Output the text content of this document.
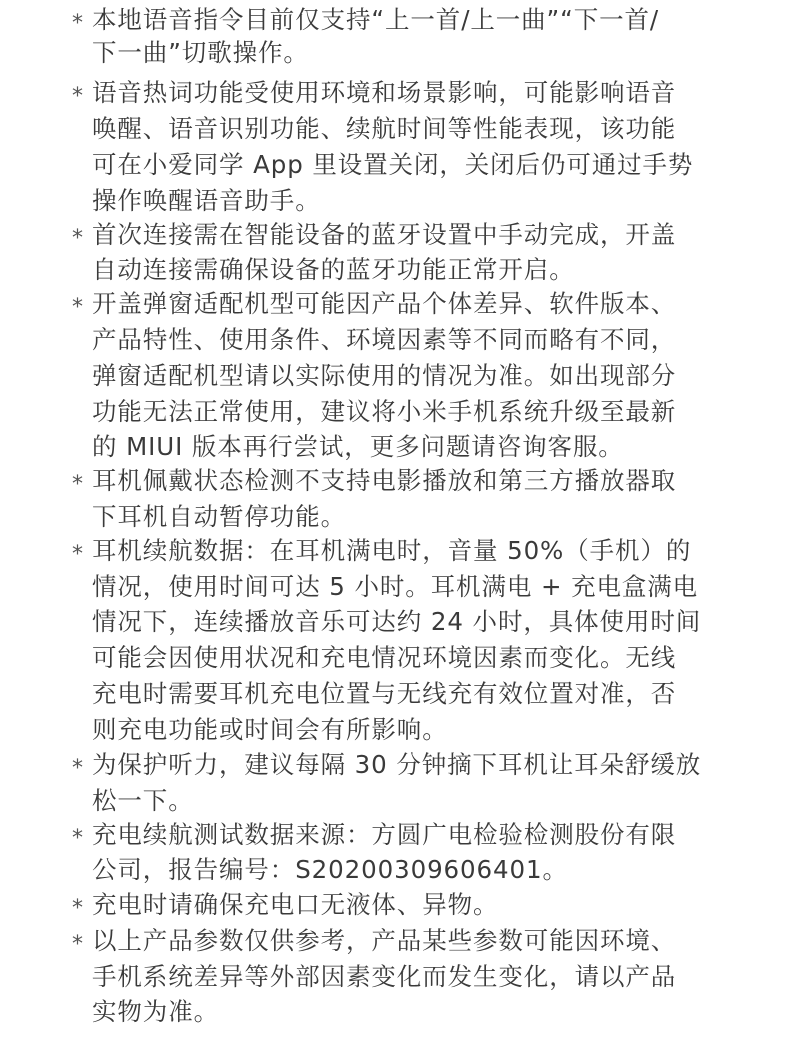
* 本地语音指令目前仅支持“上一首/上一曲”“下一首/
下一曲”切歌操作。
* 语音热词功能受使用环境和场景影响，可能影响语音
唤醒、语音识别功能、续航时间等性能表现，该功能
可在小爱同学 App 里设置关闭，关闭后仍可通过手势
操作唤醒语音助手。
* 首次连接需在智能设备的蓝牙设置中手动完成，开盖
自动连接需确保设备的蓝牙功能正常开启。
* 开盖弹窗适配机型可能因产品个体差异、软件版本、
产品特性、使用条件、环境因素等不同而略有不同，
弹窗适配机型请以实际使用的情况为准。如出现部分
功能无法正常使用，建议将小米手机系统升级至最新
的 MIUI 版本再行尝试，更多问题请咨询客服。
* 耳机佩戴状态检测不支持电影播放和第三方播放器取
下耳机自动暂停功能。
* 耳机续航数据：在耳机满电时，音量 50%（手机）的
情况，使用时间可达 5 小时。耳机满电 + 充电盒满电
情况下，连续播放音乐可达约 24 小时，具体使用时间
可能会因使用状况和充电情况环境因素而变化。无线
充电时需要耳机充电位置与无线充有效位置对准，否
则充电功能或时间会有所影响。
* 为保护听力，建议每隔 30 分钟摘下耳机让耳朵舒缓放
松一下。
* 充电续航测试数据来源：方圆广电检验检测股份有限
公司，报告编号：S20200309606401。
* 充电时请确保充电口无液体、异物。
* 以上产品参数仅供参考，产品某些参数可能因环境、
手机系统差异等外部因素变化而发生变化，请以产品
实物为准。
